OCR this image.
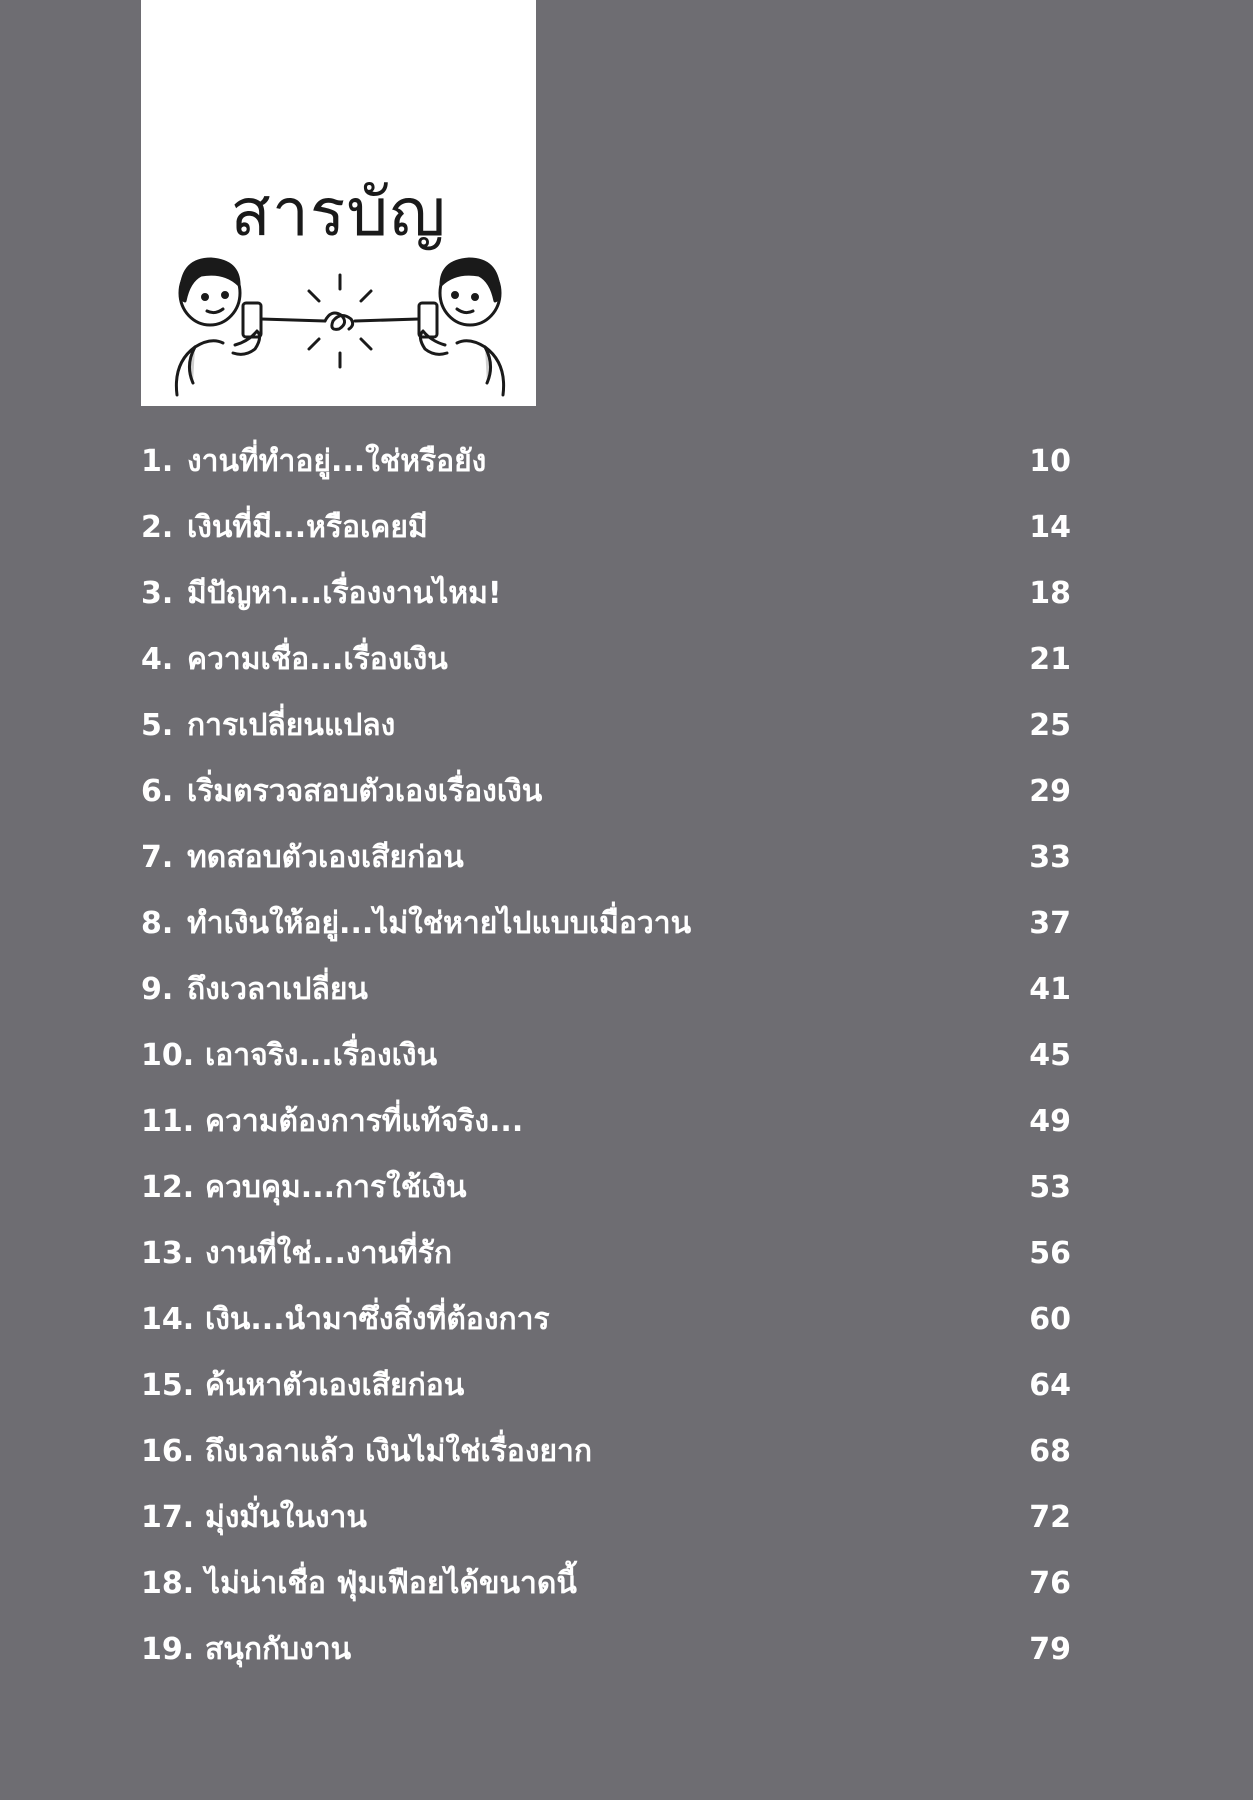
สารบัญ
1. งานที่ทำอยู่...ใช่หรือยัง	10
2. เงินที่มี...หรือเคยมี	14
3. มีปัญหา...เรื่องงานไหม!	18
4. ความเชื่อ...เรื่องเงิน	21
5. การเปลี่ยนแปลง	25
6. เริ่มตรวจสอบตัวเองเรื่องเงิน	29
7. ทดสอบตัวเองเสียก่อน	33
8. ทำเงินให้อยู่...ไม่ใช่หายไปแบบเมื่อวาน	37
9. ถึงเวลาเปลี่ยน	41
10. เอาจริง...เรื่องเงิน	45
11. ความต้องการที่แท้จริง...	49
12. ควบคุม...การใช้เงิน	53
13. งานที่ใช่...งานที่รัก	56
14. เงิน...นำมาซึ่งสิ่งที่ต้องการ	60
15. ค้นหาตัวเองเสียก่อน	64
16. ถึงเวลาแล้ว เงินไม่ใช่เรื่องยาก	68
17. มุ่งมั่นในงาน	72
18. ไม่น่าเชื่อ ฟุ่มเฟือยได้ขนาดนี้	76
19. สนุกกับงาน	79
